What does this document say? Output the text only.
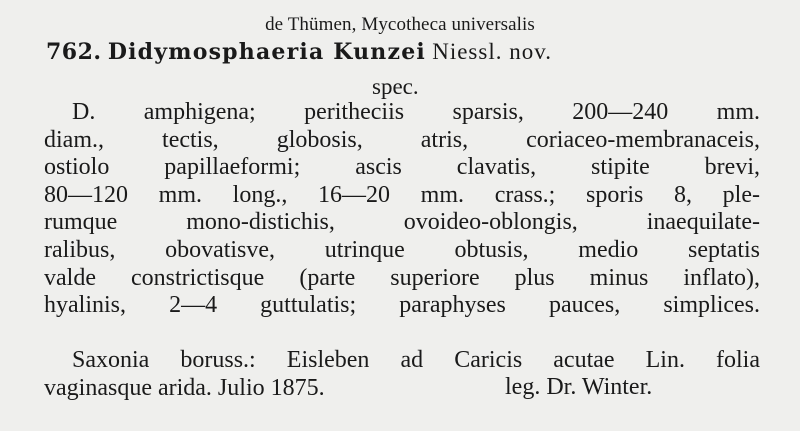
de Thümen, Mycotheca universalis
762. Didymosphaeria Kunzei Niessl. nov.
spec.
D. amphigena; peritheciis sparsis, 200—240 mm.
diam., tectis, globosis, atris, coriaceo-membranaceis,
ostiolo papillaeformi; ascis clavatis, stipite brevi,
80—120 mm. long., 16—20 mm. crass.; sporis 8, ple-
rumque mono-distichis, ovoideo-oblongis, inaequilate-
ralibus, obovatisve, utrinque obtusis, medio septatis
valde constrictisque (parte superiore plus minus inflato),
hyalinis, 2—4 guttulatis; paraphyses pauces, simplices.
Saxonia boruss.: Eisleben ad Caricis acutae Lin. folia
vaginasque arida. Julio 1875.	leg. Dr. Winter.
